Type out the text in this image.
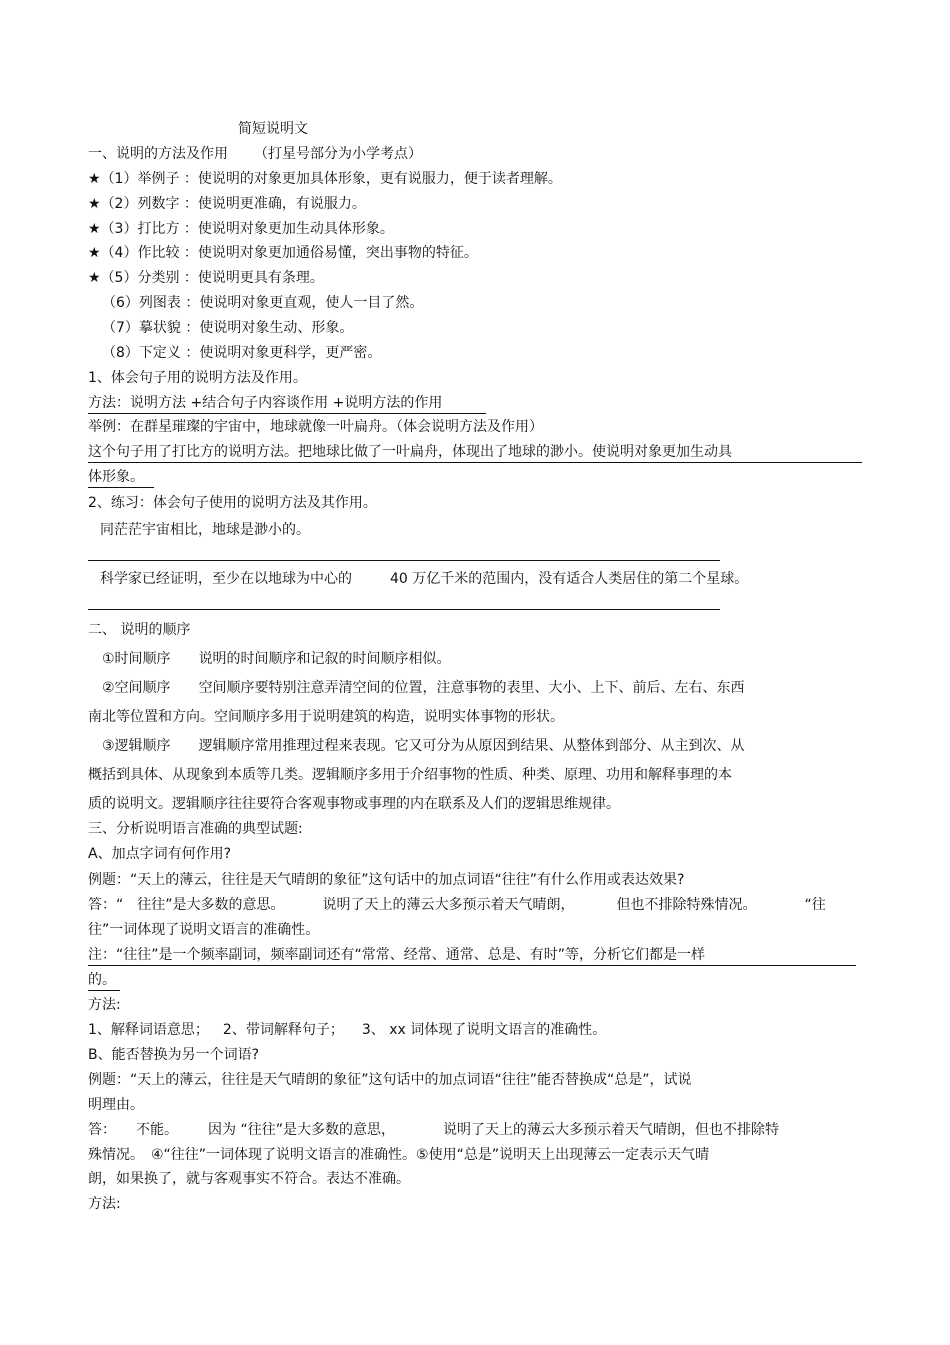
简短说明文
一、说明的方法及作用 （打星号部分为小学考点）
★（1）举例子 ：使说明的对象更加具体形象，更有说服力，便于读者理解。
★（2）列数字 ：使说明更准确，有说服力。
★（3）打比方 ：使说明对象更加生动具体形象。
★（4）作比较 ：使说明对象更加通俗易懂，突出事物的特征。
★（5）分类别 ：使说明更具有条理。
（6）列图表 ：使说明对象更直观，使人一目了然。
（7）摹状貌 ：使说明对象生动、形象。
（8）下定义 ：使说明对象更科学，更严密。
1、体会句子用的说明方法及作用。
方法：说明方法 +结合句子内容谈作用 +说明方法的作用
举例：在群星璀璨的宇宙中，地球就像一叶扁舟。（体会说明方法及作用）
这个句子用了打比方的说明方法。把地球比做了一叶扁舟，体现出了地球的渺小。使说明对象更加生动具
体形象。
2、练习：体会句子使用的说明方法及其作用。
同茫茫宇宙相比，地球是渺小的。
科学家已经证明，至少在以地球为中心的	40 万亿千米的范围内，没有适合人类居住的第二个星球。
二、 说明的顺序
①时间顺序 说明的时间顺序和记叙的时间顺序相似。
②空间顺序 空间顺序要特别注意弄清空间的位置，注意事物的表里、大小、上下、前后、左右、东西
南北等位置和方向。空间顺序多用于说明建筑的构造，说明实体事物的形状。
③逻辑顺序 逻辑顺序常用推理过程来表现。它又可分为从原因到结果、从整体到部分、从主到次、从
概括到具体、从现象到本质等几类。逻辑顺序多用于介绍事物的性质、种类、原理、功用和解释事理的本
质的说明文。逻辑顺序往往要符合客观事物或事理的内在联系及人们的逻辑思维规律。
三、分析说明语言准确的典型试题:
A、加点字词有何作用?
例题：“天上的薄云，往往是天气晴朗的象征”这句话中的加点词语“往往”有什么作用或表达效果?
答：“　往往”是大多数的意思。	说明了天上的薄云大多预示着天气晴朗，	但也不排除特殊情况。	“往
往”一词体现了说明文语言的准确性。
注：“往往”是一个频率副词，频率副词还有“常常、经常、通常、总是、有时”等，分析它们都是一样
的。
方法:
1、解释词语意思； 2、带词解释句子； 3、 xx 词体现了说明文语言的准确性。
B、能否替换为另一个词语?
例题：“天上的薄云，往往是天气晴朗的象征”这句话中的加点词语“往往”能否替换成“总是”，试说
明理由。
答： 不能。 因为 “往往”是大多数的意思，	说明了天上的薄云大多预示着天气晴朗，但也不排除特
殊情况。　④“往往”一词体现了说明文语言的准确性。⑤使用“总是”说明天上出现薄云一定表示天气晴
朗，如果换了，就与客观事实不符合。表达不准确。
方法:
